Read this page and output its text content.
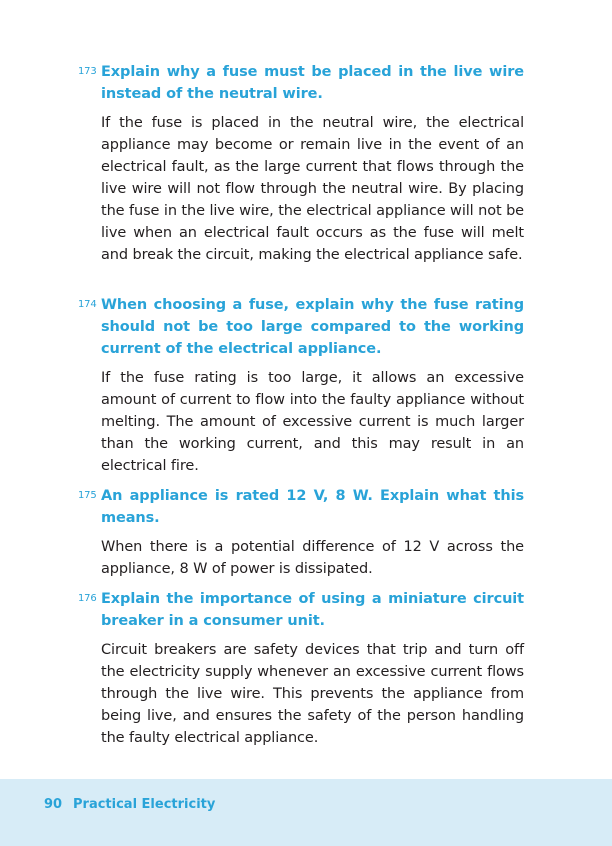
173 Explain why a fuse must be placed in the live wire instead of the neutral wire.
If the fuse is placed in the neutral wire, the electrical appliance may become or remain live in the event of an electrical fault, as the large current that flows through the live wire will not flow through the neutral wire. By placing the fuse in the live wire, the electrical appliance will not be live when an electrical fault occurs as the fuse will melt and break the circuit, making the electrical appliance safe.
174 When choosing a fuse, explain why the fuse rating should not be too large compared to the working current of the electrical appliance.
If the fuse rating is too large, it allows an excessive amount of current to flow into the faulty appliance without melting. The amount of excessive current is much larger than the working current, and this may result in an electrical fire.
175 An appliance is rated 12 V, 8 W. Explain what this means.
When there is a potential difference of 12 V across the appliance, 8 W of power is dissipated.
176 Explain the importance of using a miniature circuit breaker in a consumer unit.
Circuit breakers are safety devices that trip and turn off the electricity supply whenever an excessive current flows through the live wire. This prevents the appliance from being live, and ensures the safety of the person handling the faulty electrical appliance.
90 Practical Electricity
